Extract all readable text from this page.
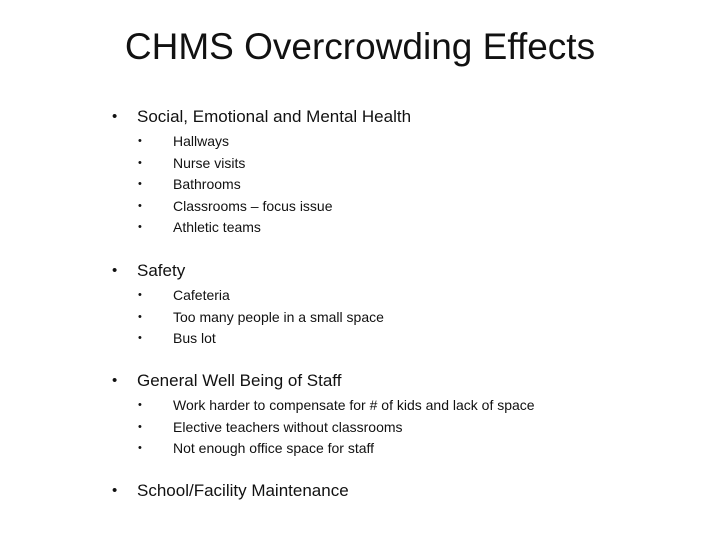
CHMS Overcrowding Effects
• Social, Emotional and Mental Health
• Hallways
• Nurse visits
• Bathrooms
• Classrooms – focus issue
• Athletic teams
• Safety
• Cafeteria
• Too many people in a small space
• Bus lot
• General Well Being of Staff
• Work harder to compensate for # of kids and lack of space
• Elective teachers without classrooms
• Not enough office space for staff
• School/Facility Maintenance
